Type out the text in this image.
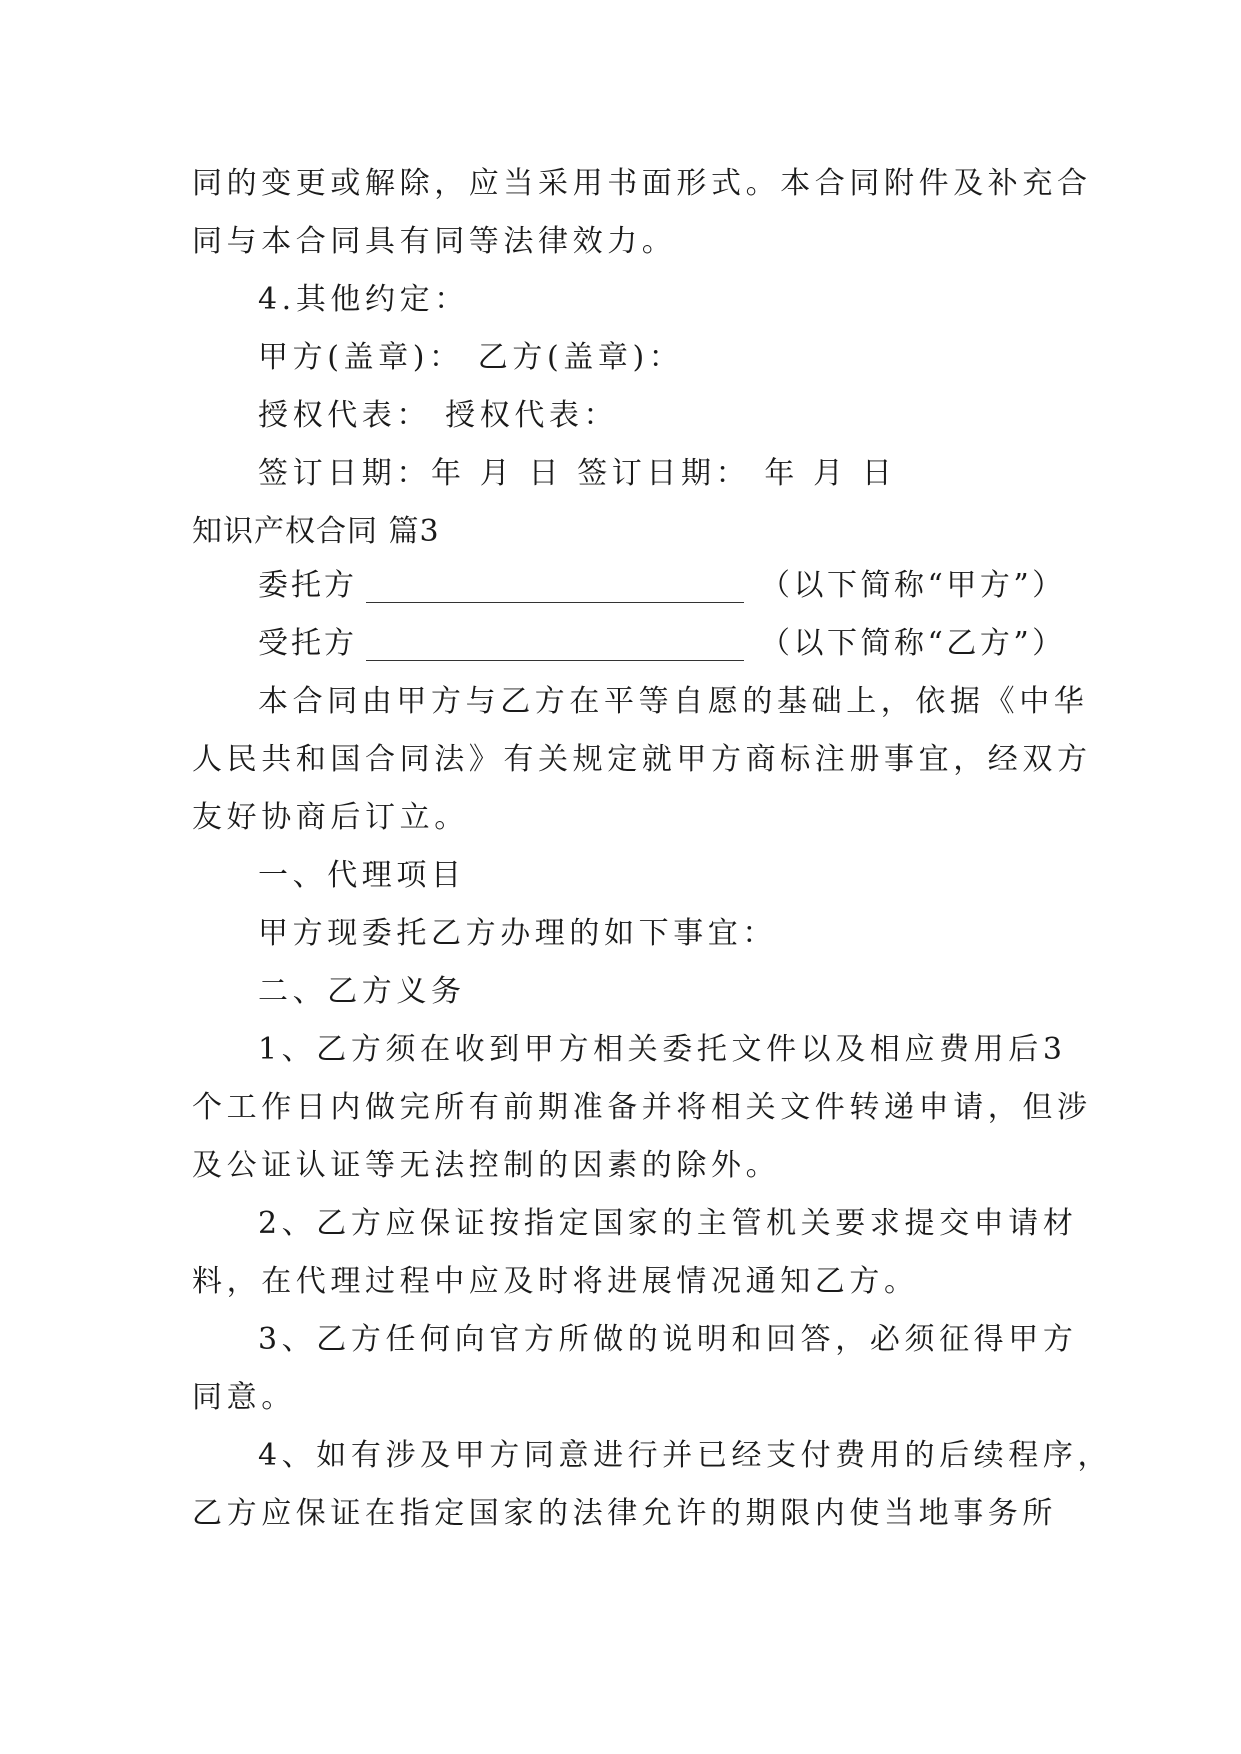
同的变更或解除，应当采用书面形式。本合同附件及补充合
同与本合同具有同等法律效力。
4.其他约定：
甲方(盖章)： 乙方(盖章)：
授权代表： 授权代表：
签订日期：年 月 日 签订日期： 年 月 日
知识产权合同 篇3
委托方	（以下简称“甲方”）
受托方	（以下简称“乙方”）
本合同由甲方与乙方在平等自愿的基础上，依据《中华
人民共和国合同法》有关规定就甲方商标注册事宜，经双方
友好协商后订立。
一、代理项目
甲方现委托乙方办理的如下事宜：
二、乙方义务
1、乙方须在收到甲方相关委托文件以及相应费用后3
个工作日内做完所有前期准备并将相关文件转递申请，但涉
及公证认证等无法控制的因素的除外。
2、乙方应保证按指定国家的主管机关要求提交申请材
料，在代理过程中应及时将进展情况通知乙方。
3、乙方任何向官方所做的说明和回答，必须征得甲方
同意。
4、如有涉及甲方同意进行并已经支付费用的后续程序，
乙方应保证在指定国家的法律允许的期限内使当地事务所
